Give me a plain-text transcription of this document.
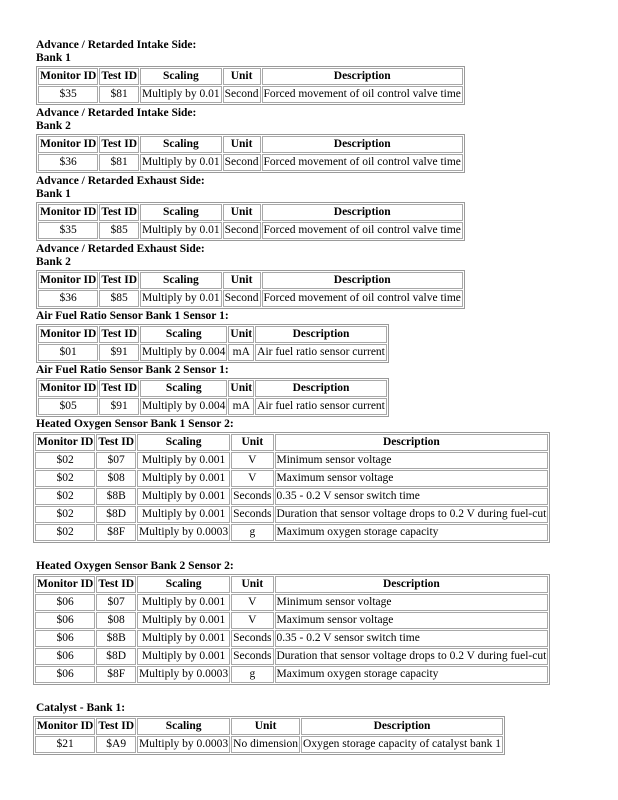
Advance / Retarded Intake Side:
Bank 1
Monitor ID	Test ID	Scaling	Unit	Description
$35	$81	Multiply by 0.01	Second	Forced movement of oil control valve time
Advance / Retarded Intake Side:
Bank 2
Monitor ID	Test ID	Scaling	Unit	Description
$36	$81	Multiply by 0.01	Second	Forced movement of oil control valve time
Advance / Retarded Exhaust Side:
Bank 1
Monitor ID	Test ID	Scaling	Unit	Description
$35	$85	Multiply by 0.01	Second	Forced movement of oil control valve time
Advance / Retarded Exhaust Side:
Bank 2
Monitor ID	Test ID	Scaling	Unit	Description
$36	$85	Multiply by 0.01	Second	Forced movement of oil control valve time
Air Fuel Ratio Sensor Bank 1 Sensor 1:
Monitor ID	Test ID	Scaling	Unit	Description
$01	$91	Multiply by 0.004	mA	Air fuel ratio sensor current
Air Fuel Ratio Sensor Bank 2 Sensor 1:
Monitor ID	Test ID	Scaling	Unit	Description
$05	$91	Multiply by 0.004	mA	Air fuel ratio sensor current
Heated Oxygen Sensor Bank 1 Sensor 2:
Monitor ID	Test ID	Scaling	Unit	Description
$02	$07	Multiply by 0.001	V	Minimum sensor voltage
$02	$08	Multiply by 0.001	V	Maximum sensor voltage
$02	$8B	Multiply by 0.001	Seconds	0.35 - 0.2 V sensor switch time
$02	$8D	Multiply by 0.001	Seconds	Duration that sensor voltage drops to 0.2 V during fuel-cut
$02	$8F	Multiply by 0.0003	g	Maximum oxygen storage capacity
Heated Oxygen Sensor Bank 2 Sensor 2:
Monitor ID	Test ID	Scaling	Unit	Description
$06	$07	Multiply by 0.001	V	Minimum sensor voltage
$06	$08	Multiply by 0.001	V	Maximum sensor voltage
$06	$8B	Multiply by 0.001	Seconds	0.35 - 0.2 V sensor switch time
$06	$8D	Multiply by 0.001	Seconds	Duration that sensor voltage drops to 0.2 V during fuel-cut
$06	$8F	Multiply by 0.0003	g	Maximum oxygen storage capacity
Catalyst - Bank 1:
Monitor ID	Test ID	Scaling	Unit	Description
$21	$A9	Multiply by 0.0003	No dimension	Oxygen storage capacity of catalyst bank 1
